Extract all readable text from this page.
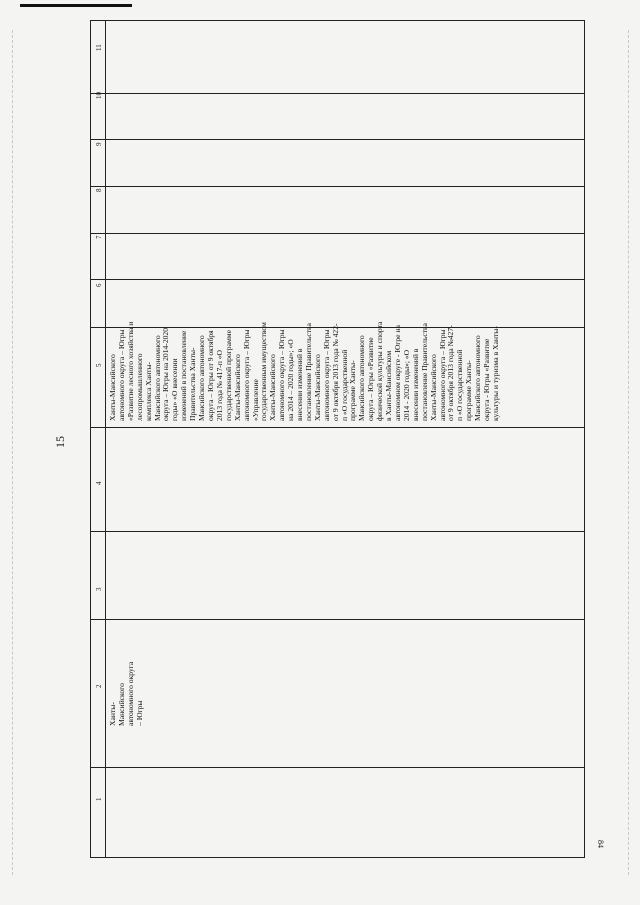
15
11
10
9
8
7
6
5
4
3
2
1
Ханты-Мансийского автономного округа – Югры «Развитие лесного хозяйства и лесопромышленного комплекса Ханты- Мансийского автономного округа – Югры на 2014-2020 годы» «О внесении изменений в постановление Правительства Ханты- Мансийского автономного округа – Югры от 9 октября 2013 года № 417-п «О государственной программе Ханты-Мансийского автономного округа – Югры «Управление государственным имуществом Ханты-Мансийского автономного округа – Югры на 2014 – 2020 годы»; «О внесении изменений в постановление Правительства Ханты-Мансийского автономного округа – Югры от 9 октября 2013 года № 422- п «О государственной программе Ханты- Мансийского автономного округа – Югры «Развитие физической культуры и спорта в Ханты-Мансийском автономном округе - Югре на 2014 - 2020 годы»; «О внесении изменений в постановление Правительства Ханты-Мансийского автономного округа – Югры от 9 октября 2013 года №427- п «О государственной программе Ханты- Мансийского автономного округа - Югры «Развитие культуры и туризма в Ханты-
Ханты- Мансийского автономного округа – Югры
84
